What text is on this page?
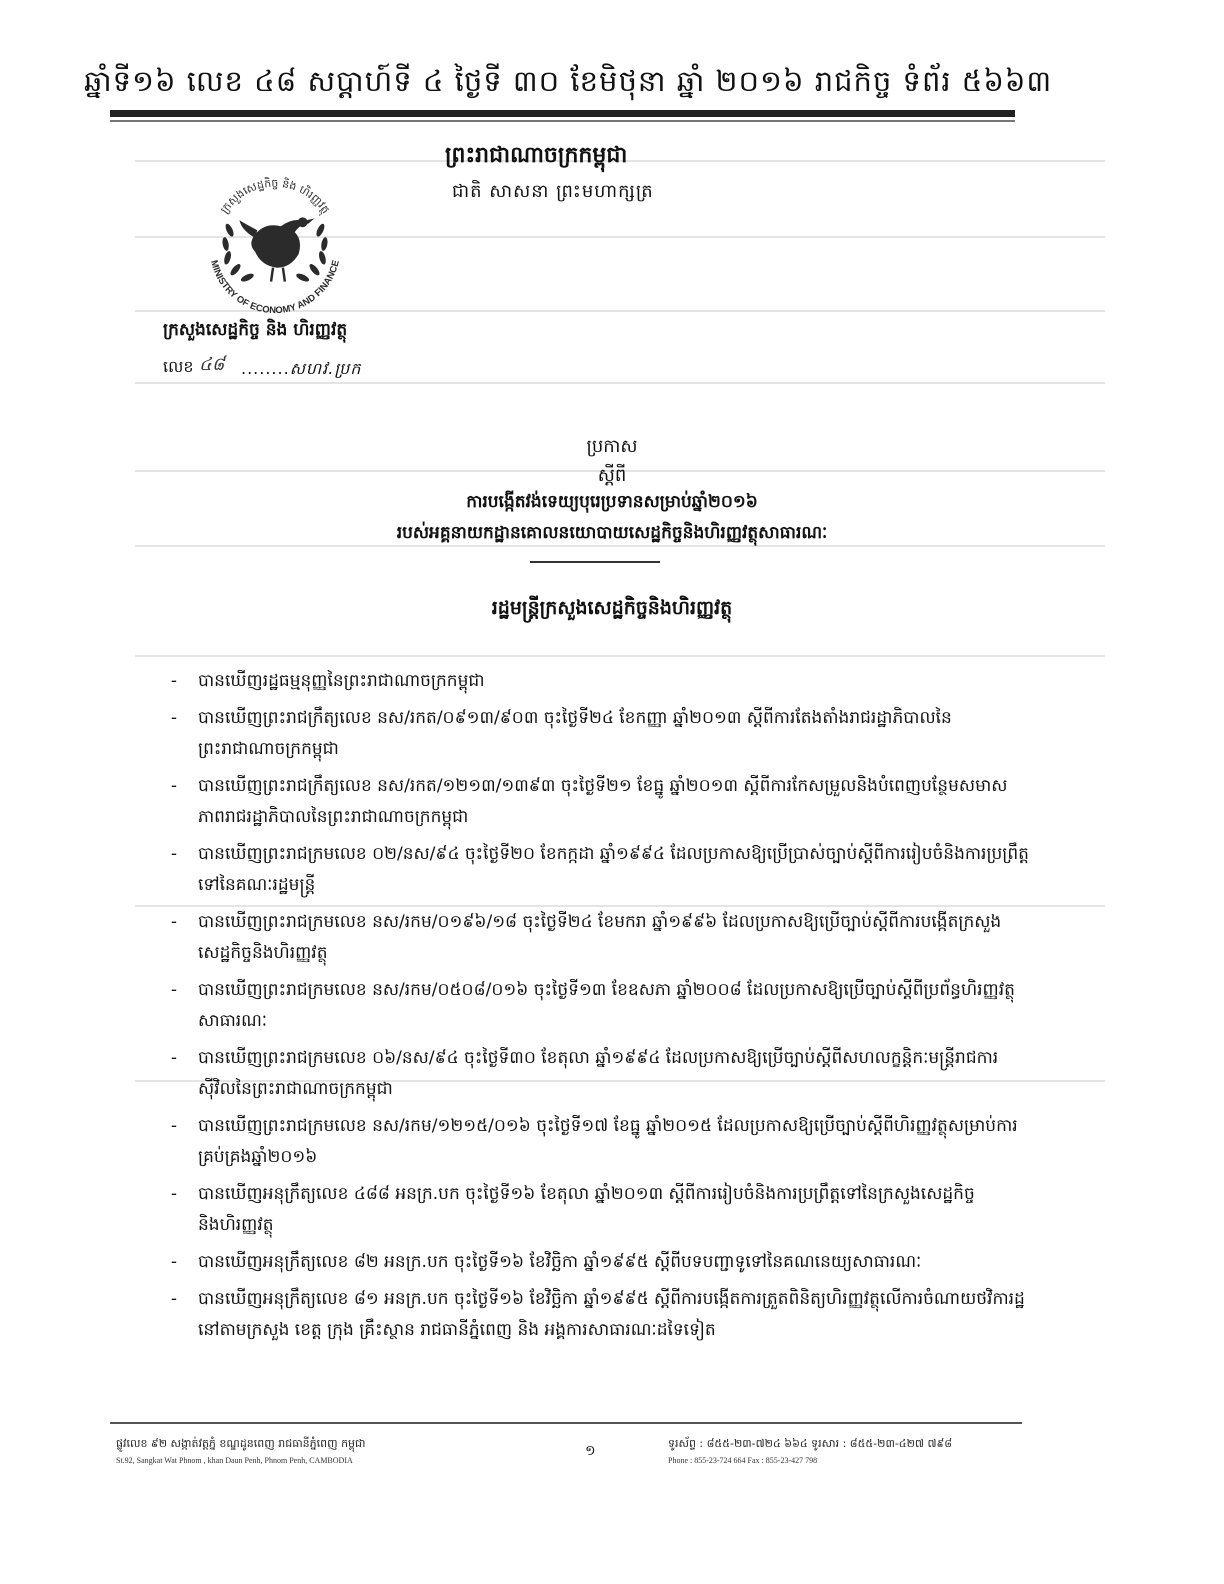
ឆ្នាំទី១៦ លេខ ៤៨ សប្តាហ៍ទី ៤ ថ្ងៃទី ៣០ ខែមិថុនា ឆ្នាំ ២០១៦ រាជកិច្ច ទំព័រ ៥៦៦៣
ព្រះរាជាណាចក្រកម្ពុជា
ជាតិ សាសនា ព្រះមហាក្សត្រ
ក្រសួងសេដ្ឋកិច្ច និង ហិរញ្ញវត្ថុ
MINISTRY OF ECONOMY AND FINANCE
ក្រសួងសេដ្ឋកិច្ច និង ហិរញ្ញវត្ថុ
លេខ ៤៨ ........សហវ.ប្រក
ប្រកាស
ស្តីពី
ការបង្កើតវង់ទេយ្យបុរេប្រទានសម្រាប់ឆ្នាំ២០១៦
របស់អគ្គនាយកដ្ឋានគោលនយោបាយសេដ្ឋកិច្ចនិងហិរញ្ញវត្ថុសាធារណៈ
រដ្ឋមន្ត្រីក្រសួងសេដ្ឋកិច្ចនិងហិរញ្ញវត្ថុ
-	បានឃើញរដ្ឋធម្មនុញ្ញនៃព្រះរាជាណាចក្រកម្ពុជា
-	បានឃើញព្រះរាជក្រឹត្យលេខ នស/រកត/០៩១៣/៩០៣ ចុះថ្ងៃទី២៤ ខែកញ្ញា ឆ្នាំ២០១៣ ស្តីពីការតែងតាំងរាជរដ្ឋាភិបាលនៃព្រះរាជាណាចក្រកម្ពុជា
-	បានឃើញព្រះរាជក្រឹត្យលេខ នស/រកត/១២១៣/១៣៩៣ ចុះថ្ងៃទី២១ ខែធ្នូ ឆ្នាំ២០១៣ ស្តីពីការកែសម្រួលនិងបំពេញបន្ថែមសមាសភាពរាជរដ្ឋាភិបាលនៃព្រះរាជាណាចក្រកម្ពុជា
-	បានឃើញព្រះរាជក្រមលេខ ០២/នស/៩៤ ចុះថ្ងៃទី២០ ខែកក្កដា ឆ្នាំ១៩៩៤ ដែលប្រកាសឱ្យប្រើប្រាស់ច្បាប់ស្តីពីការរៀបចំនិងការប្រព្រឹត្តទៅនៃគណៈរដ្ឋមន្ត្រី
-	បានឃើញព្រះរាជក្រមលេខ នស/រកម/០១៩៦/១៨ ចុះថ្ងៃទី២៤ ខែមករា ឆ្នាំ១៩៩៦ ដែលប្រកាសឱ្យប្រើច្បាប់ស្តីពីការបង្កើតក្រសួងសេដ្ឋកិច្ចនិងហិរញ្ញវត្ថុ
-	បានឃើញព្រះរាជក្រមលេខ នស/រកម/០៥០៨/០១៦ ចុះថ្ងៃទី១៣ ខែឧសភា ឆ្នាំ២០០៨ ដែលប្រកាសឱ្យប្រើច្បាប់ស្តីពីប្រព័ន្ធហិរញ្ញវត្ថុសាធារណៈ
-	បានឃើញព្រះរាជក្រមលេខ ០៦/នស/៩៤ ចុះថ្ងៃទី៣០ ខែតុលា ឆ្នាំ១៩៩៤ ដែលប្រកាសឱ្យប្រើច្បាប់ស្តីពីសហលក្ខន្តិកៈមន្ត្រីរាជការស៊ីវិលនៃព្រះរាជាណាចក្រកម្ពុជា
-	បានឃើញព្រះរាជក្រមលេខ នស/រកម/១២១៥/០១៦ ចុះថ្ងៃទី១៧ ខែធ្នូ ឆ្នាំ២០១៥ ដែលប្រកាសឱ្យប្រើច្បាប់ស្តីពីហិរញ្ញវត្ថុសម្រាប់ការគ្រប់គ្រងឆ្នាំ២០១៦
-	បានឃើញអនុក្រឹត្យលេខ ៤៨៨ អនក្រ.បក ចុះថ្ងៃទី១៦ ខែតុលា ឆ្នាំ២០១៣ ស្តីពីការរៀបចំនិងការប្រព្រឹត្តទៅនៃក្រសួងសេដ្ឋកិច្ចនិងហិរញ្ញវត្ថុ
-	បានឃើញអនុក្រឹត្យលេខ ៨២ អនក្រ.បក ចុះថ្ងៃទី១៦ ខែវិច្ឆិកា ឆ្នាំ១៩៩៥ ស្តីពីបទបញ្ជាទូទៅនៃគណនេយ្យសាធារណៈ
-	បានឃើញអនុក្រឹត្យលេខ ៨១ អនក្រ.បក ចុះថ្ងៃទី១៦ ខែវិច្ឆិកា ឆ្នាំ១៩៩៥ ស្តីពីការបង្កើតការត្រួតពិនិត្យហិរញ្ញវត្ថុលើការចំណាយថវិការដ្ឋនៅតាមក្រសួង ខេត្ត ក្រុង គ្រឹះស្ថាន រាជធានីភ្នំពេញ និង អង្គការសាធារណៈដទៃទៀត
ផ្លូវលេខ ៩២ សង្កាត់វត្តភ្នំ ខណ្ឌដូនពេញ រាជធានីភ្នំពេញ កម្ពុជា
St.92, Sangkat Wat Phnom , khan Daun Penh, Phnom Penh, CAMBODIA
១	ទូរស័ព្ទ : ៨៥៥-២៣-៧២៤ ៦៦៤ ទូរសារ : ៨៥៥-២៣-៤២៧ ៧៩៨
Phone : 855-23-724 664 Fax : 855-23-427 798
